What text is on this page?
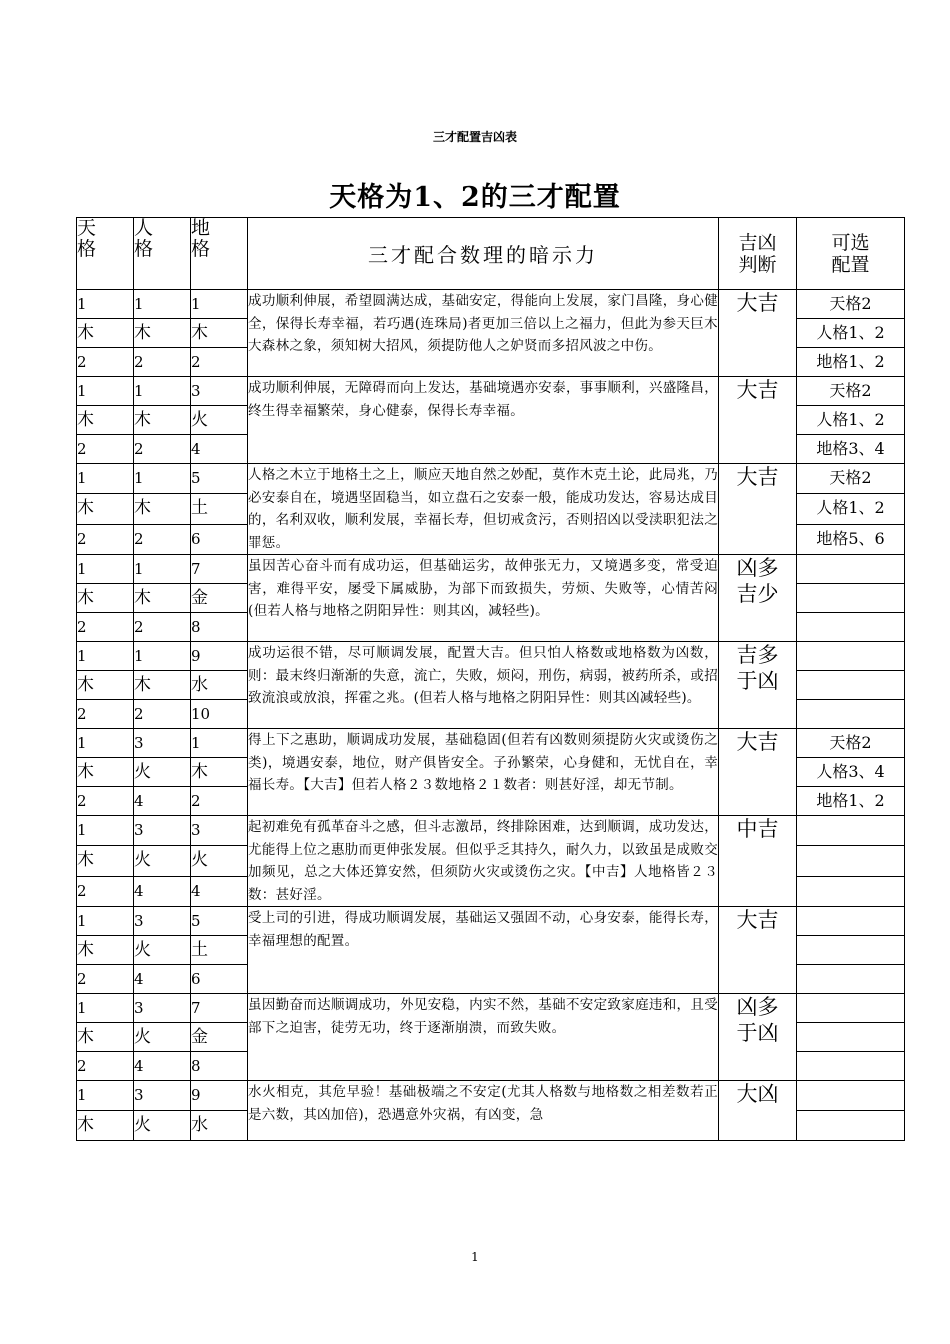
三才配置吉凶表
天格为1、2的三才配置
天
格	人
格	地
格	三才配合数理的暗示力	吉凶
判断	可选
配置
1	1	1	成功顺利伸展，希望圆满达成，基础安定，得能向上发展，家门昌隆，身心健全，保得长寿幸福，若巧遇(连珠局)者更加三倍以上之福力，但此为参天巨木大森林之象，须知树大招风，须提防他人之妒贤而多招风波之中伤。	大吉	天格2
木	木	木			人格1、2
2	2	2			地格1、2
1	1	3	成功顺利伸展，无障碍而向上发达，基础境遇亦安泰，事事顺利，兴盛隆昌，终生得幸福繁荣，身心健泰，保得长寿幸福。	大吉	天格2
木	木	火			人格1、2
2	2	4			地格3、4
1	1	5	人格之木立于地格土之上，顺应天地自然之妙配，莫作木克土论，此局兆，乃必安泰自在，境遇坚固稳当，如立盘石之安泰一般，能成功发达，容易达成目的，名利双收，顺利发展，幸福长寿，但切戒贪污，否则招凶以受渎职犯法之罪惩。	大吉	天格2
木	木	土			人格1、2
2	2	6			地格5、6
1	1	7	虽因苦心奋斗而有成功运，但基础运劣，故伸张无力，又境遇多变，常受迫害，难得平安，屡受下属威胁，为部下而致损失，劳烦、失败等，心情苦闷(但若人格与地格之阴阳异性：则其凶，减轻些)。	凶多
吉少	
木	木	金			
2	2	8			
1	1	9	成功运很不错，尽可顺调发展，配置大吉。但只怕人格数或地格数为凶数，则：最末终归渐渐的失意，流亡，失败，烦闷，刑伤，病弱，被药所杀，或招致流浪或放浪，挥霍之兆。(但若人格与地格之阴阳异性：则其凶减轻些)。	吉多
于凶	
木	木	水			
2	2	10			
1	3	1	得上下之惠助，顺调成功发展，基础稳固(但若有凶数则须提防火灾或烫伤之类)，境遇安泰，地位，财产俱皆安全。子孙繁荣，心身健和，无忧自在，幸福长寿。【大吉】但若人格２３数地格２１数者：则甚好淫，却无节制。	大吉	天格2
木	火	木			人格3、4
2	4	2			地格1、2
1	3	3	起初难免有孤革奋斗之感，但斗志激昂，终排除困难，达到顺调，成功发达，尤能得上位之惠肋而更伸张发展。但似乎乏其持久，耐久力，以致虽是成败交加频见，总之大体还算安然，但须防火灾或烫伤之灾。【中吉】人地格皆２３数：甚好淫。	中吉	
木	火	火			
2	4	4			
1	3	5	受上司的引进，得成功顺调发展，基础运又强固不动，心身安泰，能得长寿，幸福理想的配置。	大吉	
木	火	土			
2	4	6			
1	3	7	虽因勤奋而达顺调成功，外见安稳，内实不然，基础不安定致家庭违和，且受部下之迫害，徒劳无功，终于逐渐崩溃，而致失败。	凶多
于凶	
木	火	金			
2	4	8			
1	3	9	水火相克，其危早验！基础极端之不安定(尤其人格数与地格数之相差数若正是六数，其凶加倍)，恐遇意外灾祸，有凶变，急	大凶	
木	火	水			
1
